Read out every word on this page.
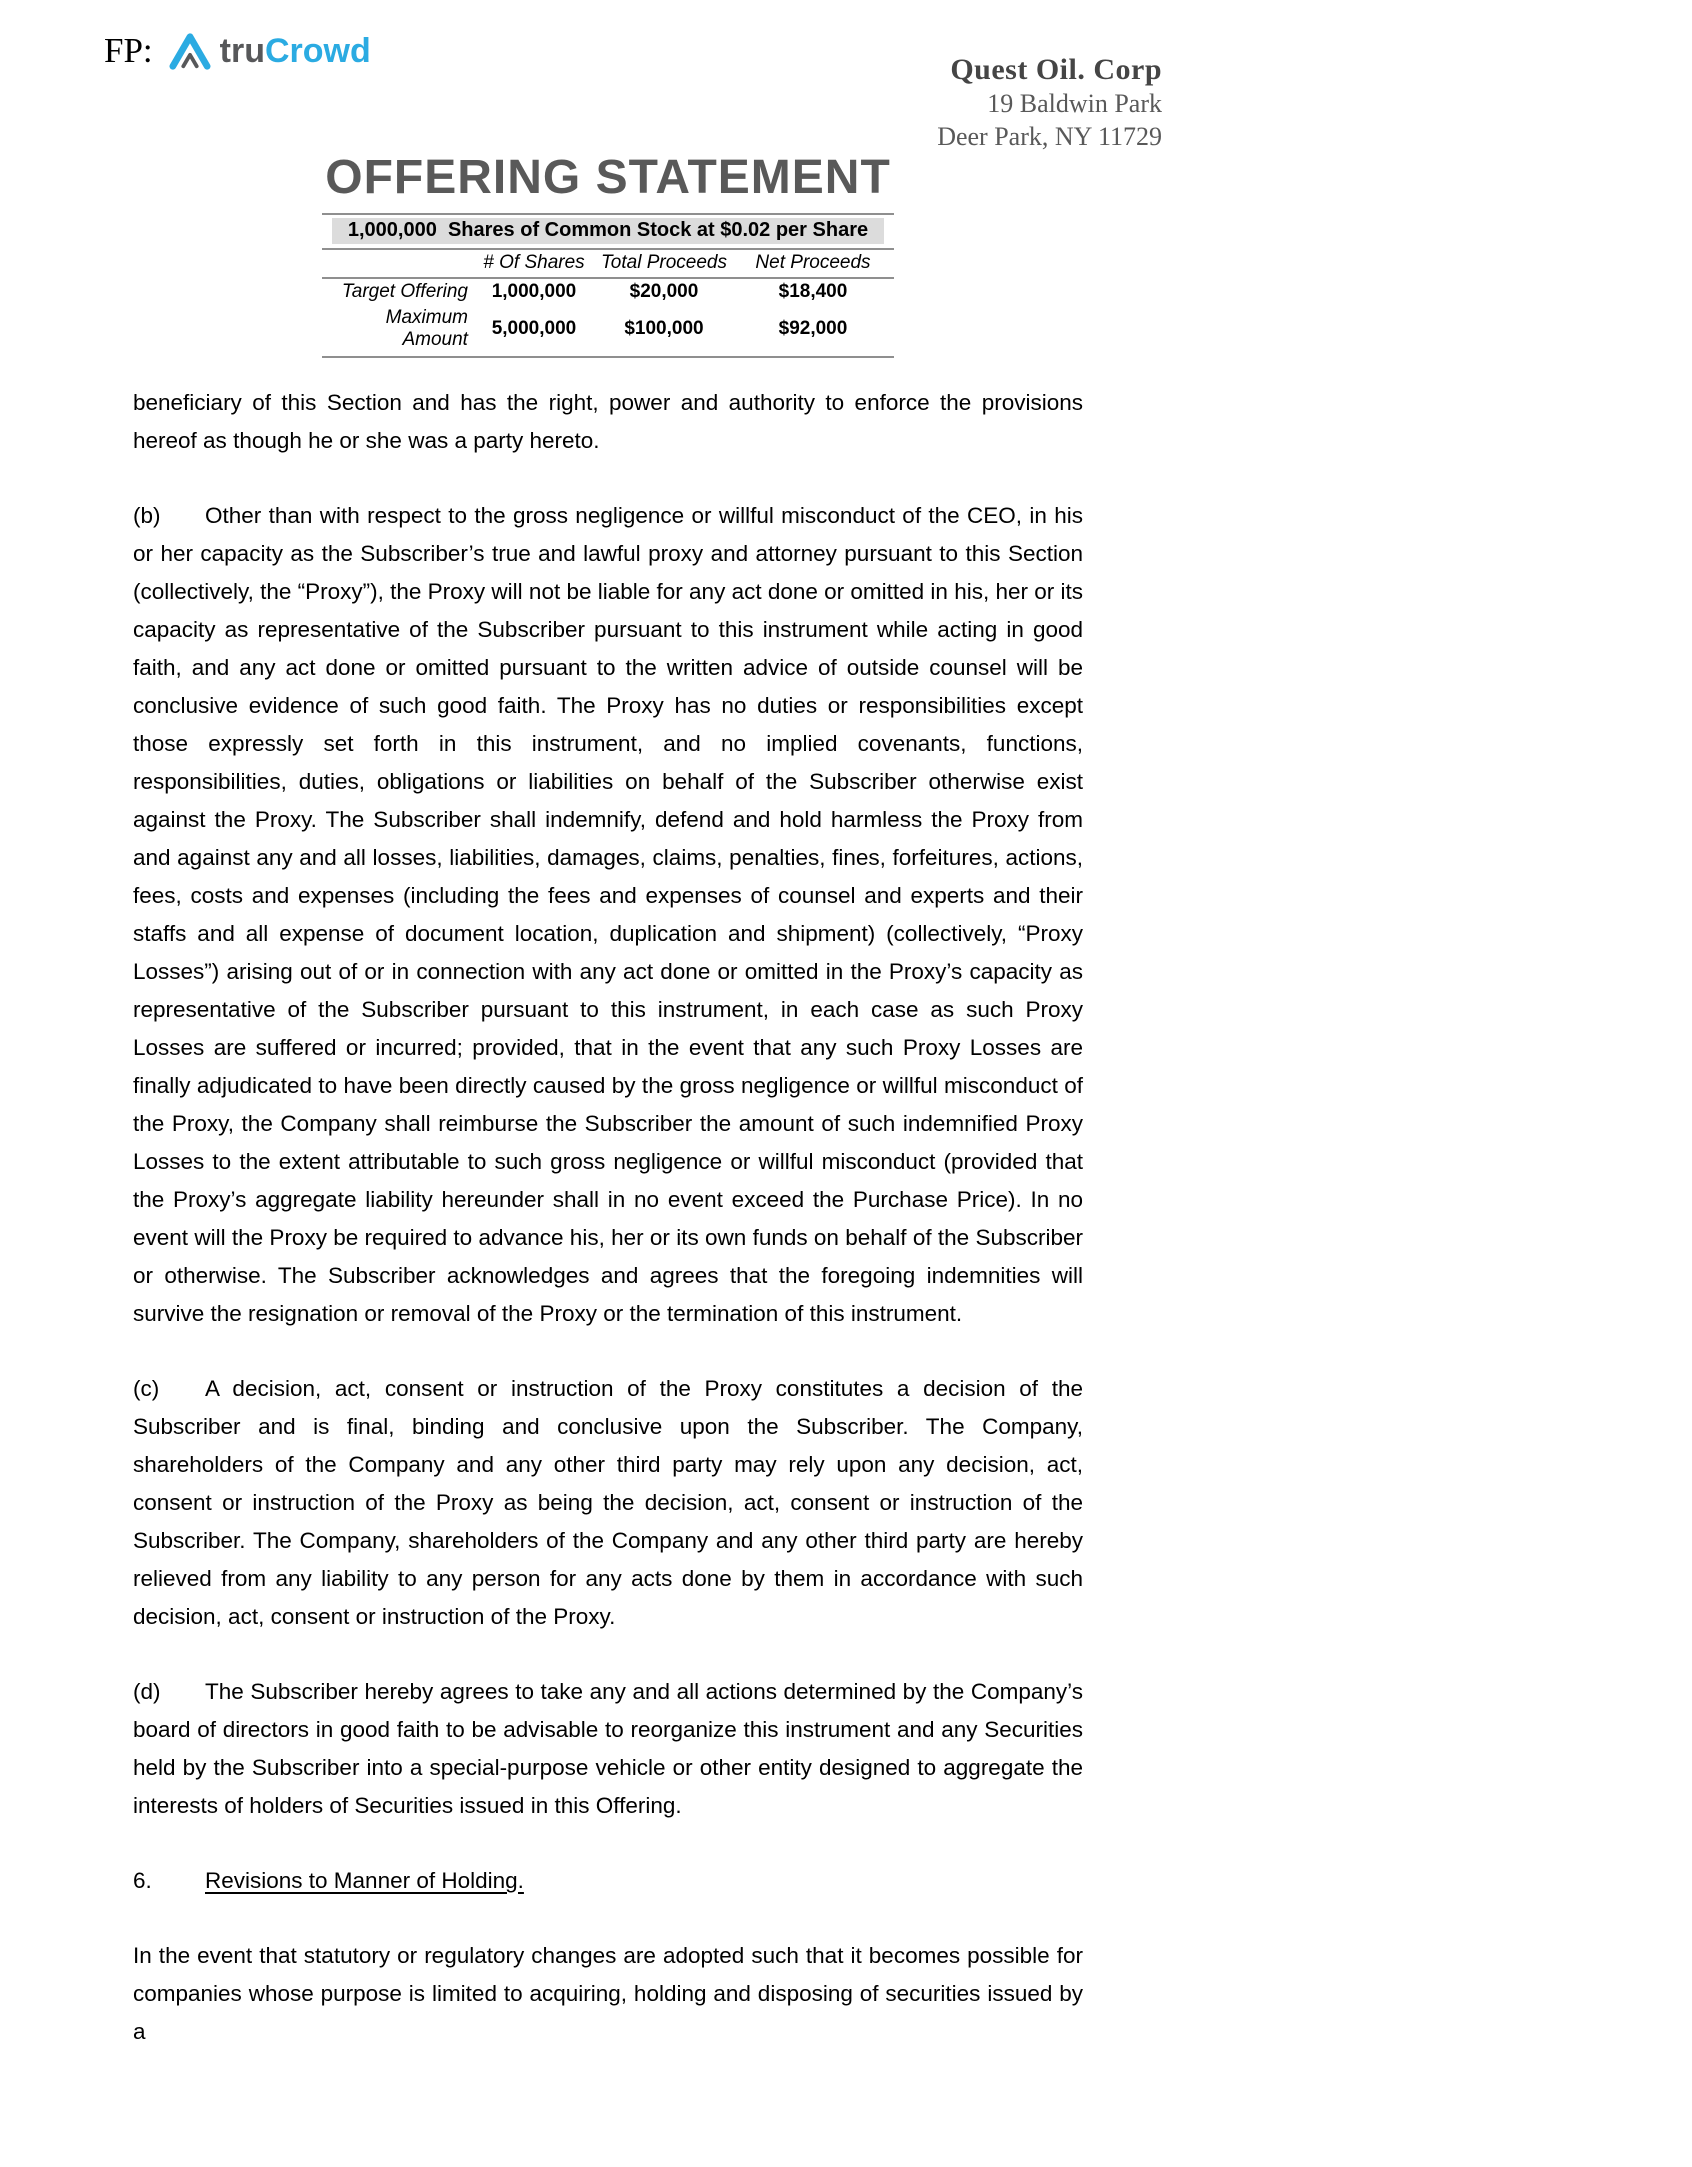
FP: truCrowd	Quest Oil. Corp
19 Baldwin Park
Deer Park, NY 11729
OFFERING STATEMENT
1,000,000  Shares of Common Stock at $0.02 per Share			
	# Of Shares	Total Proceeds	Net Proceeds
Target Offering	1,000,000	$20,000	$18,400
Maximum Amount	5,000,000	$100,000	$92,000

beneficiary of this Section and has the right, power and authority to enforce the provisions hereof as though he or she was a party hereto.

(b) Other than with respect to the gross negligence or willful misconduct of the CEO, in his or her capacity as the Subscriber’s true and lawful proxy and attorney pursuant to this Section (collectively, the “Proxy”), the Proxy will not be liable for any act done or omitted in his, her or its capacity as representative of the Subscriber pursuant to this instrument while acting in good faith, and any act done or omitted pursuant to the written advice of outside counsel will be conclusive evidence of such good faith. The Proxy has no duties or responsibilities except those expressly set forth in this instrument, and no implied covenants, functions, responsibilities, duties, obligations or liabilities on behalf of the Subscriber otherwise exist against the Proxy. The Subscriber shall indemnify, defend and hold harmless the Proxy from and against any and all losses, liabilities, damages, claims, penalties, fines, forfeitures, actions, fees, costs and expenses (including the fees and expenses of counsel and experts and their staffs and all expense of document location, duplication and shipment) (collectively, “Proxy Losses”) arising out of or in connection with any act done or omitted in the Proxy’s capacity as representative of the Subscriber pursuant to this instrument, in each case as such Proxy Losses are suffered or incurred; provided, that in the event that any such Proxy Losses are finally adjudicated to have been directly caused by the gross negligence or willful misconduct of the Proxy, the Company shall reimburse the Subscriber the amount of such indemnified Proxy Losses to the extent attributable to such gross negligence or willful misconduct (provided that the Proxy’s aggregate liability hereunder shall in no event exceed the Purchase Price). In no event will the Proxy be required to advance his, her or its own funds on behalf of the Subscriber or otherwise. The Subscriber acknowledges and agrees that the foregoing indemnities will survive the resignation or removal of the Proxy or the termination of this instrument.

(c) A decision, act, consent or instruction of the Proxy constitutes a decision of the Subscriber and is final, binding and conclusive upon the Subscriber. The Company, shareholders of the Company and any other third party may rely upon any decision, act, consent or instruction of the Proxy as being the decision, act, consent or instruction of the Subscriber. The Company, shareholders of the Company and any other third party are hereby relieved from any liability to any person for any acts done by them in accordance with such decision, act, consent or instruction of the Proxy.

(d) The Subscriber hereby agrees to take any and all actions determined by the Company’s board of directors in good faith to be advisable to reorganize this instrument and any Securities held by the Subscriber into a special-purpose vehicle or other entity designed to aggregate the interests of holders of Securities issued in this Offering.

6. Revisions to Manner of Holding.

In the event that statutory or regulatory changes are adopted such that it becomes possible for companies whose purpose is limited to acquiring, holding and disposing of securities issued by a
